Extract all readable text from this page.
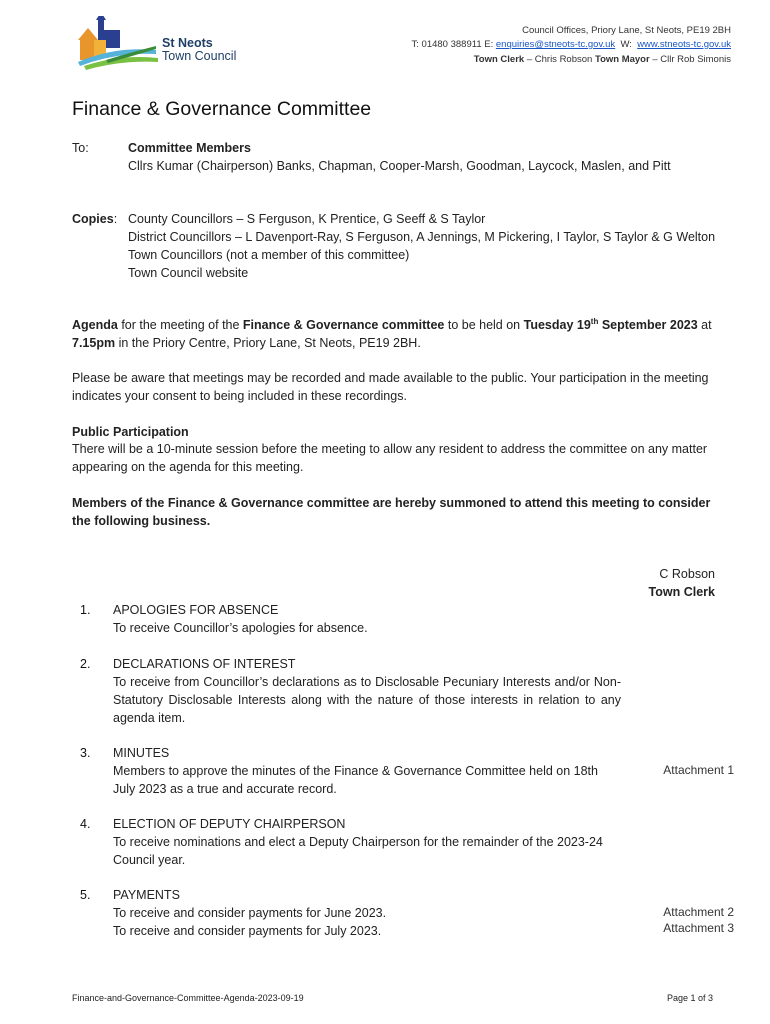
St Neots
Town Council
Council Offices, Priory Lane, St Neots, PE19 2BH
T: 01480 388911 E: enquiries@stneots-tc.gov.uk W: www.stneots-tc.gov.uk
Town Clerk – Chris Robson Town Mayor – Cllr Rob Simonis
Finance & Governance Committee
To:	Committee Members
Cllrs Kumar (Chairperson) Banks, Chapman, Cooper-Marsh, Goodman, Laycock, Maslen, and Pitt
Copies: County Councillors – S Ferguson, K Prentice, G Seeff & S Taylor
District Councillors – L Davenport-Ray, S Ferguson, A Jennings, M Pickering, I Taylor, S Taylor & G Welton
Town Councillors (not a member of this committee)
Town Council website
Agenda for the meeting of the Finance & Governance committee to be held on Tuesday 19th September 2023 at 7.15pm in the Priory Centre, Priory Lane, St Neots, PE19 2BH.
Please be aware that meetings may be recorded and made available to the public. Your participation in the meeting indicates your consent to being included in these recordings.
Public Participation
There will be a 10-minute session before the meeting to allow any resident to address the committee on any matter appearing on the agenda for this meeting.
Members of the Finance & Governance committee are hereby summoned to attend this meeting to consider the following business.
C Robson
Town Clerk
1. APOLOGIES FOR ABSENCE
To receive Councillor’s apologies for absence.
2. DECLARATIONS OF INTEREST
To receive from Councillor’s declarations as to Disclosable Pecuniary Interests and/or Non-Statutory Disclosable Interests along with the nature of those interests in relation to any agenda item.
3. MINUTES
Members to approve the minutes of the Finance & Governance Committee held on 18th July 2023 as a true and accurate record.
Attachment 1
4. ELECTION OF DEPUTY CHAIRPERSON
To receive nominations and elect a Deputy Chairperson for the remainder of the 2023-24 Council year.
5. PAYMENTS
To receive and consider payments for June 2023.
To receive and consider payments for July 2023.
Attachment 2
Attachment 3
Finance-and-Governance-Committee-Agenda-2023-09-19	Page 1 of 3
